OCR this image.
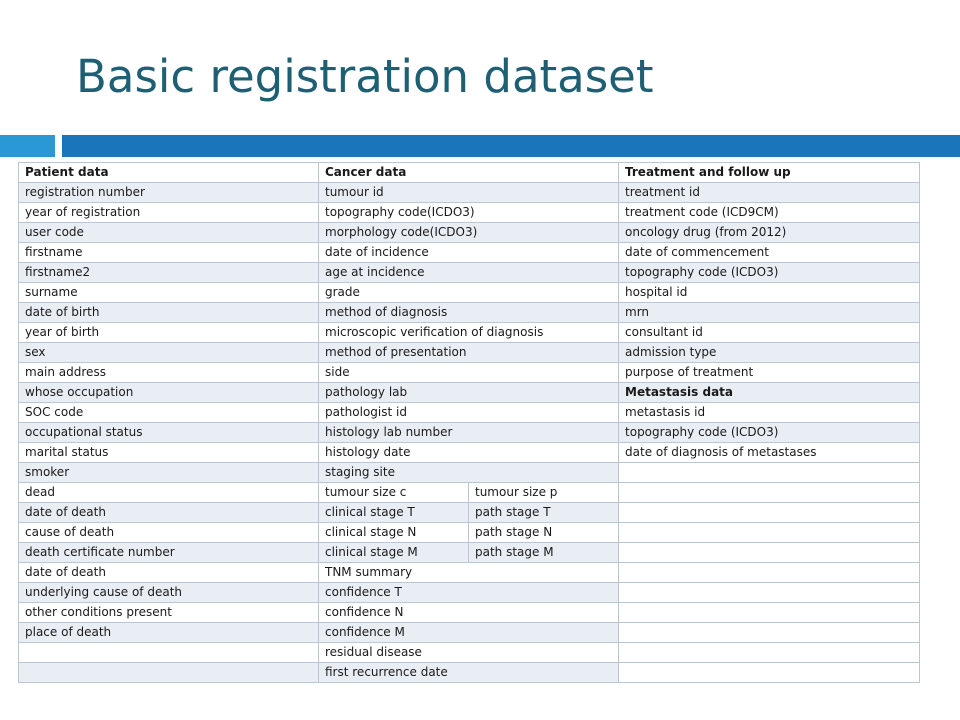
Basic registration dataset
Patient data	Cancer data		Treatment and follow up
registration number	tumour id		treatment id
year of registration	topography code(ICDO3)		treatment code (ICD9CM)
user code	morphology code(ICDO3)		oncology drug (from 2012)
firstname	date of incidence		date of commencement
firstname2	age at incidence		topography code (ICDO3)
surname	grade		hospital id
date of birth	method of diagnosis		mrn
year of birth	microscopic verification of diagnosis		consultant id
sex	method of presentation		admission type
main address	side		purpose of treatment
whose occupation	pathology lab		Metastasis data
SOC code	pathologist id		metastasis id
occupational status	histology lab number		topography code (ICDO3)
marital status	histology date		date of diagnosis of metastases
smoker	staging site		
dead	tumour size c	tumour size p	
date of death	clinical stage T	path stage T	
cause of death	clinical stage N	path stage N	
death certificate number	clinical stage M	path stage M	
date of death	TNM summary		
underlying cause of death	confidence T		
other conditions present	confidence N		
place of death	confidence M		
	residual disease		
	first recurrence date		
